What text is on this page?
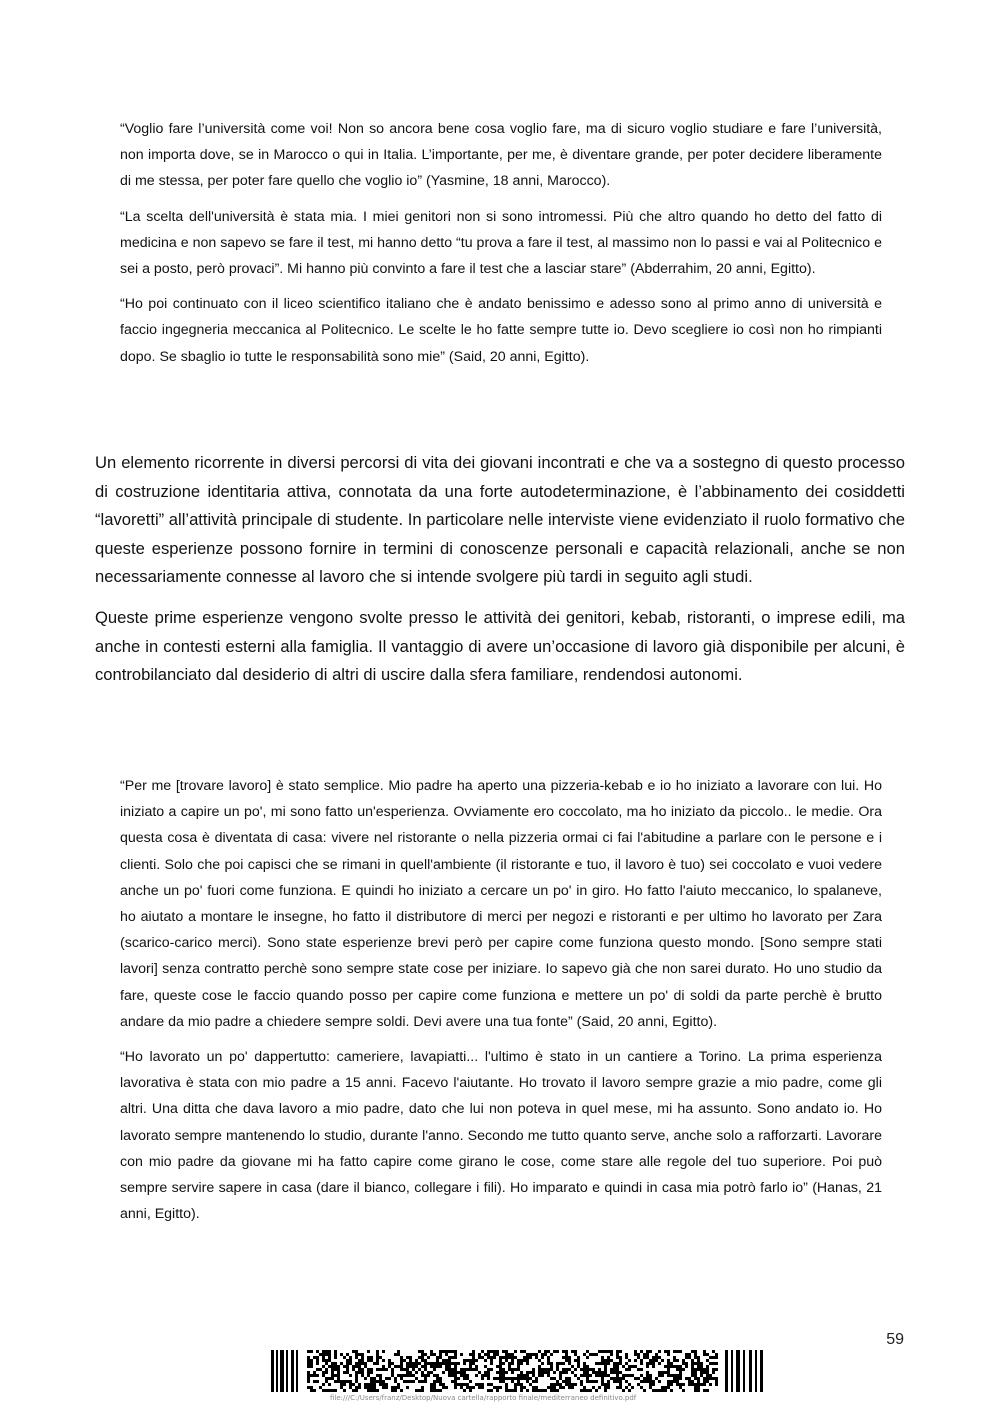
“Voglio fare l’università come voi! Non so ancora bene cosa voglio fare, ma di sicuro voglio studiare e fare l’università, non importa dove, se in Marocco o qui in Italia. L’importante, per me, è diventare grande, per poter decidere liberamente di me stessa, per poter fare quello che voglio io” (Yasmine, 18 anni, Marocco).

“La scelta dell'università è stata mia. I miei genitori non si sono intromessi. Più che altro quando ho detto del fatto di medicina e non sapevo se fare il test, mi hanno detto “tu prova a fare il test, al massimo non lo passi e vai al Politecnico e sei a posto, però provaci”. Mi hanno più convinto a fare il test che a lasciar stare” (Abderrahim, 20 anni, Egitto).

“Ho poi continuato con il liceo scientifico italiano che è andato benissimo e adesso sono al primo anno di università e faccio ingegneria meccanica al Politecnico. Le scelte le ho fatte sempre tutte io. Devo scegliere io così non ho rimpianti dopo. Se sbaglio io tutte le responsabilità sono mie” (Said, 20 anni, Egitto).

Un elemento ricorrente in diversi percorsi di vita dei giovani incontrati e che va a sostegno di questo processo di costruzione identitaria attiva, connotata da una forte autodeterminazione, è l’abbinamento dei cosiddetti “lavoretti” all’attività principale di studente. In particolare nelle interviste viene evidenziato il ruolo formativo che queste esperienze possono fornire in termini di conoscenze personali e capacità relazionali, anche se non necessariamente connesse al lavoro che si intende svolgere più tardi in seguito agli studi.

Queste prime esperienze vengono svolte presso le attività dei genitori, kebab, ristoranti, o imprese edili, ma anche in contesti esterni alla famiglia. Il vantaggio di avere un’occasione di lavoro già disponibile per alcuni, è controbilanciato dal desiderio di altri di uscire dalla sfera familiare, rendendosi autonomi.

“Per me [trovare lavoro] è stato semplice. Mio padre ha aperto una pizzeria-kebab e io ho iniziato a lavorare con lui. Ho iniziato a capire un po', mi sono fatto un'esperienza. Ovviamente ero coccolato, ma ho iniziato da piccolo.. le medie. Ora questa cosa è diventata di casa: vivere nel ristorante o nella pizzeria ormai ci fai l'abitudine a parlare con le persone e i clienti. Solo che poi capisci che se rimani in quell'ambiente (il ristorante e tuo, il lavoro è tuo) sei coccolato e vuoi vedere anche un po' fuori come funziona. E quindi ho iniziato a cercare un po' in giro. Ho fatto l'aiuto meccanico, lo spalaneve, ho aiutato a montare le insegne, ho fatto il distributore di merci per negozi e ristoranti e per ultimo ho lavorato per Zara (scarico-carico merci). Sono state esperienze brevi però per capire come funziona questo mondo. [Sono sempre stati lavori] senza contratto perchè sono sempre state cose per iniziare. Io sapevo già che non sarei durato. Ho uno studio da fare, queste cose le faccio quando posso per capire come funziona e mettere un po' di soldi da parte perchè è brutto andare da mio padre a chiedere sempre soldi. Devi avere una tua fonte” (Said, 20 anni, Egitto).

“Ho lavorato un po' dappertutto: cameriere, lavapiatti... l'ultimo è stato in un cantiere a Torino. La prima esperienza lavorativa è stata con mio padre a 15 anni. Facevo l'aiutante. Ho trovato il lavoro sempre grazie a mio padre, come gli altri. Una ditta che dava lavoro a mio padre, dato che lui non poteva in quel mese, mi ha assunto. Sono andato io. Ho lavorato sempre mantenendo lo studio, durante l'anno. Secondo me tutto quanto serve, anche solo a rafforzarti. Lavorare con mio padre da giovane mi ha fatto capire come girano le cose, come stare alle regole del tuo superiore. Poi può sempre servire sapere in casa (dare il bianco, collegare i fili). Ho imparato e quindi in casa mia potrò farlo io” (Hanas, 21 anni, Egitto).

59
file:///C:/Users/franz/Desktop/Nuova cartella/rapporto finale/mediterraneo definitivo.pdf
